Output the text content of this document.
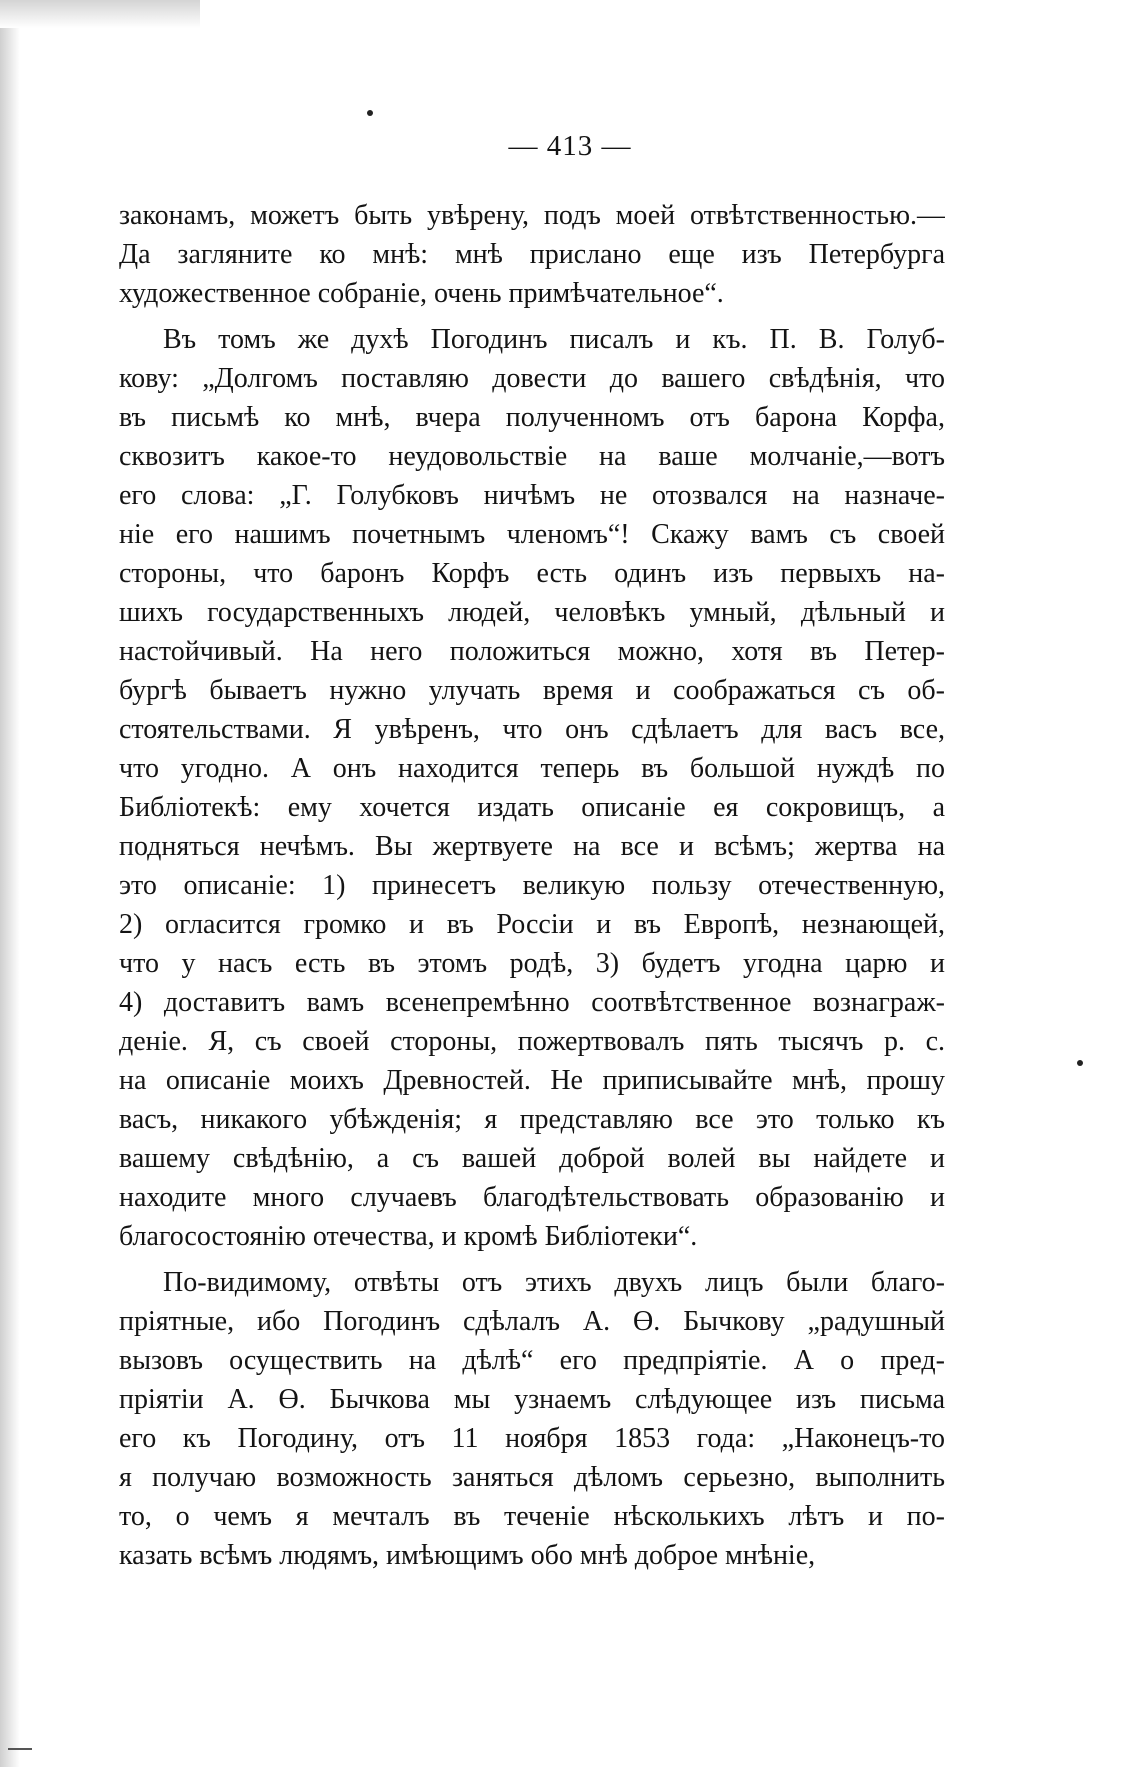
— 413 —
законамъ, можетъ быть увѣрену, подъ моей отвѣтственностью.—
Да загляните ко мнѣ: мнѣ прислано еще изъ Петербурга
художественное собраніе, очень примѣчательное“.
Въ томъ же духѣ Погодинъ писалъ и къ. П. В. Голуб-
кову: „Долгомъ поставляю довести до вашего свѣдѣнія, что
въ письмѣ ко мнѣ, вчера полученномъ отъ барона Корфа,
сквозитъ какое-то неудовольствіе на ваше молчаніе,—вотъ
его слова: „Г. Голубковъ ничѣмъ не отозвался на назначе-
ніе его нашимъ почетнымъ членомъ“! Скажу вамъ съ своей
стороны, что баронъ Корфъ есть одинъ изъ первыхъ на-
шихъ государственныхъ людей, человѣкъ умный, дѣльный и
настойчивый. На него положиться можно, хотя въ Петер-
бургѣ бываетъ нужно улучать время и соображаться съ об-
стоятельствами. Я увѣренъ, что онъ сдѣлаетъ для васъ все,
что угодно. А онъ находится теперь въ большой нуждѣ по
Библіотекѣ: ему хочется издать описаніе ея сокровищъ, а
подняться нечѣмъ. Вы жертвуете на все и всѣмъ; жертва на
это описаніе: 1) принесетъ великую пользу отечественную,
2) огласится громко и въ Россіи и въ Европѣ, незнающей,
что у насъ есть въ этомъ родѣ, 3) будетъ угодна царю и
4) доставитъ вамъ всенепремѣнно соотвѣтственное вознаграж-
деніе. Я, съ своей стороны, пожертвовалъ пять тысячъ р. с.
на описаніе моихъ Древностей. Не приписывайте мнѣ, прошу
васъ, никакого убѣжденія; я представляю все это только къ
вашему свѣдѣнію, а съ вашей доброй волей вы найдете и
находите много случаевъ благодѣтельствовать образованію и
благосостоянію отечества, и кромѣ Библіотеки“.
По-видимому, отвѣты отъ этихъ двухъ лицъ были благо-
пріятные, ибо Погодинъ сдѣлалъ А. Ө. Бычкову „радушный
вызовъ осуществить на дѣлѣ“ его предпріятіе. А о пред-
пріятіи А. Ө. Бычкова мы узнаемъ слѣдующее изъ письма
его къ Погодину, отъ 11 ноября 1853 года: „Наконецъ-то
я получаю возможность заняться дѣломъ серьезно, выполнить
то, о чемъ я мечталъ въ теченіе нѣсколькихъ лѣтъ и по-
казать всѣмъ людямъ, имѣющимъ обо мнѣ доброе мнѣніе,
